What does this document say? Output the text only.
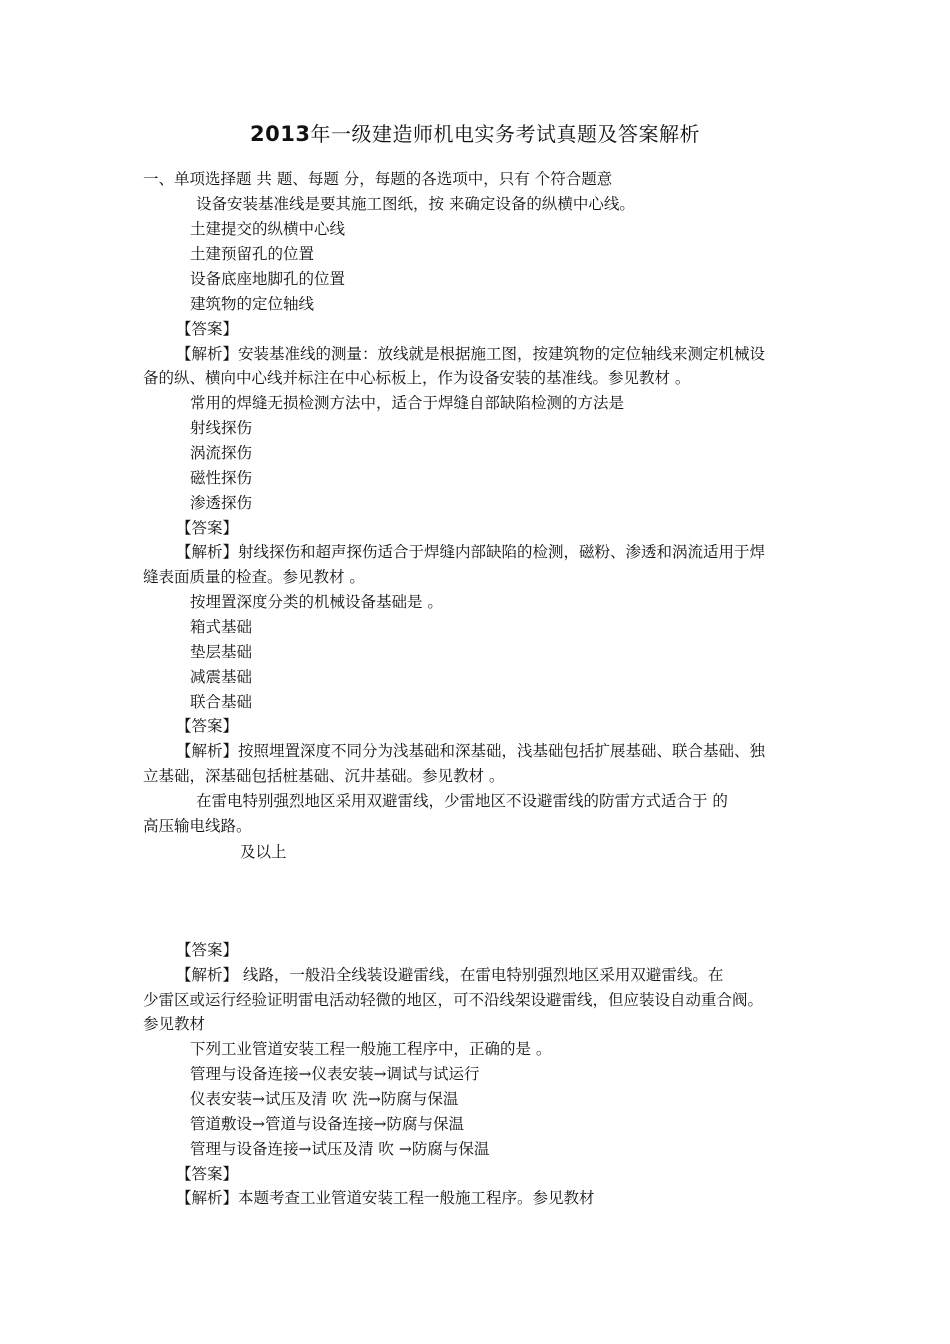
2013年一级建造师机电实务考试真题及答案解析
一、单项选择题 共 题、每题 分，每题的各选项中，只有 个符合题意
设备安装基准线是要其施工图纸，按 来确定设备的纵横中心线。
土建提交的纵横中心线
土建预留孔的位置
设备底座地脚孔的位置
建筑物的定位轴线
【答案】
【解析】安装基准线的测量：放线就是根据施工图，按建筑物的定位轴线来测定机械设
备的纵、横向中心线并标注在中心标板上，作为设备安装的基准线。参见教材 。
常用的焊缝无损检测方法中，适合于焊缝自部缺陷检测的方法是
射线探伤
涡流探伤
磁性探伤
渗透探伤
【答案】
【解析】射线探伤和超声探伤适合于焊缝内部缺陷的检测，磁粉、渗透和涡流适用于焊
缝表面质量的检查。参见教材 。
按埋置深度分类的机械设备基础是 。
箱式基础
垫层基础
减震基础
联合基础
【答案】
【解析】按照埋置深度不同分为浅基础和深基础，浅基础包括扩展基础、联合基础、独
立基础，深基础包括桩基础、沉井基础。参见教材 。
在雷电特别强烈地区采用双避雷线，少雷地区不设避雷线的防雷方式适合于 的
高压输电线路。
及以上
【答案】
【解析】 线路，一般沿全线装设避雷线，在雷电特别强烈地区采用双避雷线。在
少雷区或运行经验证明雷电活动轻微的地区，可不沿线架设避雷线，但应装设自动重合阀。
参见教材
下列工业管道安装工程一般施工程序中，正确的是 。
管理与设备连接→仪表安装→调试与试运行
仪表安装→试压及清 吹 洗→防腐与保温
管道敷设→管道与设备连接→防腐与保温
管理与设备连接→试压及清 吹 →防腐与保温
【答案】
【解析】本题考查工业管道安装工程一般施工程序。参见教材
